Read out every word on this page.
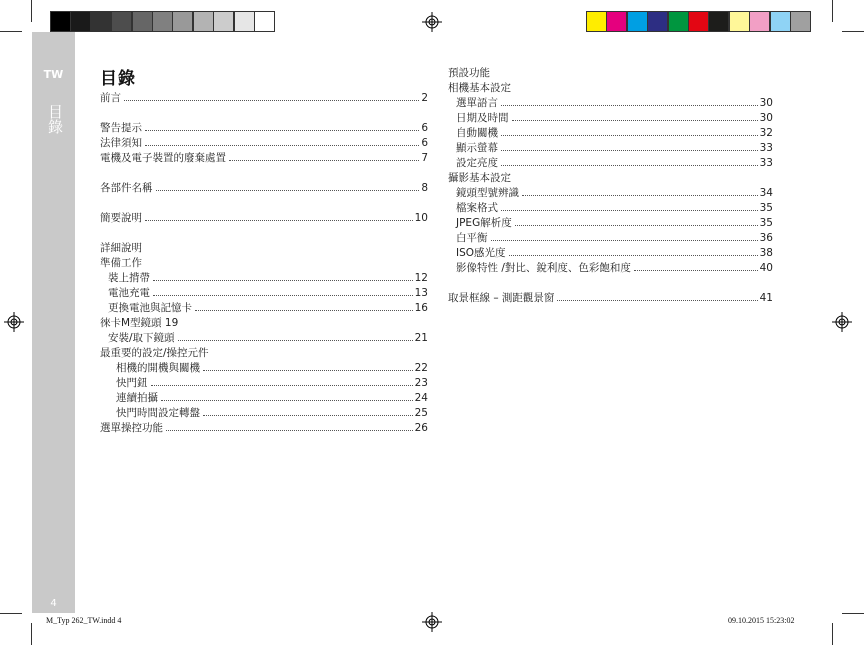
TW
目錄
4
目錄
前言	2
警告提示	6
法律須知	6
電機及電子裝置的廢棄處置	7
各部件名稱	8
簡要說明	10
詳細說明
準備工作
裝上揹帶	12
電池充電	13
更換電池與記憶卡	16
徠卡M型鏡頭 19
安裝/取下鏡頭	21
最重要的設定/操控元件
相機的開機與關機	22
快門鈕	23
連續拍攝	24
快門時間設定轉盤	25
選單操控功能	26
預設功能
相機基本設定
選單語言	30
日期及時間	30
自動關機	32
顯示螢幕	33
設定亮度	33
攝影基本設定
鏡頭型號辨識	34
檔案格式	35
JPEG解析度	35
白平衡	36
ISO感光度	38
影像特性 /對比、銳利度、色彩飽和度	40
取景框線 – 測距觀景窗	41
M_Typ 262_TW.indd 4	09.10.2015 15:23:02
